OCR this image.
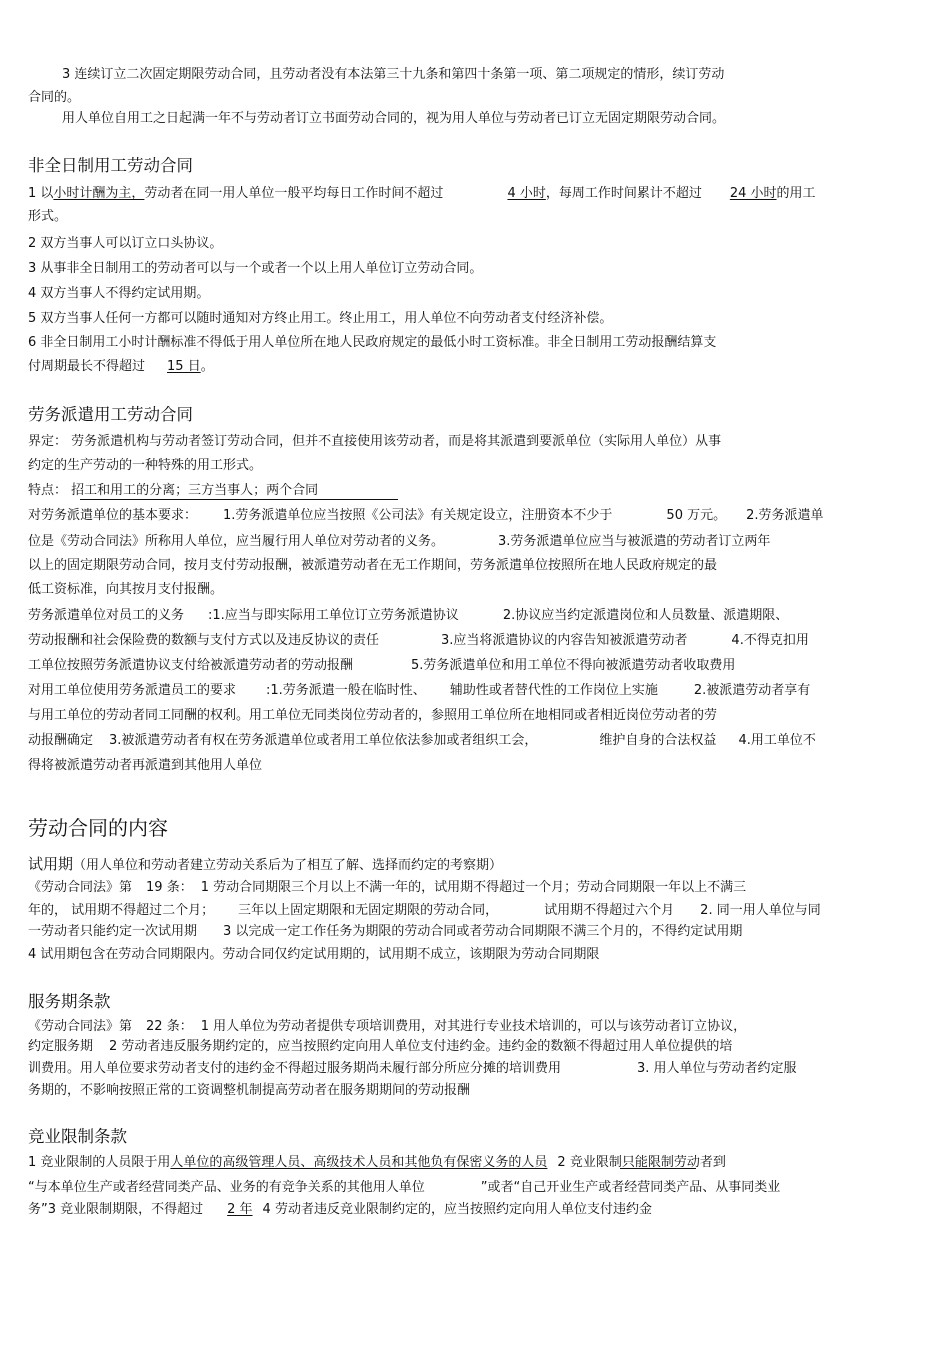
3 连续订立二次固定期限劳动合同，且劳动者没有本法第三十九条和第四十条第一项、第二项规定的情形，续订劳动
合同的。
用人单位自用工之日起满一年不与劳动者订立书面劳动合同的，视为用人单位与劳动者已订立无固定期限劳动合同。
非全日制用工劳动合同
1 以小时计酬为主，劳动者在同一用人单位一般平均每日工作时间不超过	4 小时，每周工作时间累计不超过 24 小时的用工
形式。
2 双方当事人可以订立口头协议。
3 从事非全日制用工的劳动者可以与一个或者一个以上用人单位订立劳动合同。
4 双方当事人不得约定试用期。
5 双方当事人任何一方都可以随时通知对方终止用工。终止用工，用人单位不向劳动者支付经济补偿。
6 非全日制用工小时计酬标准不得低于用人单位所在地人民政府规定的最低小时工资标准。非全日制用工劳动报酬结算支
付周期最长不得超过 15 日。
劳务派遣用工劳动合同
界定： 劳务派遣机构与劳动者签订劳动合同，但并不直接使用该劳动者，而是将其派遣到要派单位（实际用人单位）从事
约定的生产劳动的一种特殊的用工形式。
特点： 招工和用工的分离；三方当事人；两个合同
对劳务派遣单位的基本要求： 1.劳务派遣单位应当按照《公司法》有关规定设立，注册资本不少于	50 万元。 2.劳务派遣单
位是《劳动合同法》所称用人单位，应当履行用人单位对劳动者的义务。	3.劳务派遣单位应当与被派遣的劳动者订立两年
以上的固定期限劳动合同，按月支付劳动报酬，被派遣劳动者在无工作期间，劳务派遣单位按照所在地人民政府规定的最
低工资标准，向其按月支付报酬。
劳务派遣单位对员工的义务 :1.应当与即实际用工单位订立劳务派遣协议	2.协议应当约定派遣岗位和人员数量、派遣期限、
劳动报酬和社会保险费的数额与支付方式以及违反协议的责任	3.应当将派遣协议的内容告知被派遣劳动者	4.不得克扣用
工单位按照劳务派遣协议支付给被派遣劳动者的劳动报酬	5.劳务派遣单位和用工单位不得向被派遣劳动者收取费用
对用工单位使用劳务派遣员工的要求 :1.劳务派遣一般在临时性、 辅助性或者替代性的工作岗位上实施	2.被派遣劳动者享有
与用工单位的劳动者同工同酬的权利。用工单位无同类岗位劳动者的，参照用工单位所在地相同或者相近岗位劳动者的劳
动报酬确定 3.被派遣劳动者有权在劳务派遣单位或者用工单位依法参加或者组织工会，	维护自身的合法权益 4.用工单位不
得将被派遣劳动者再派遣到其他用人单位
劳动合同的内容
试用期（用人单位和劳动者建立劳动关系后为了相互了解、选择而约定的考察期）
《劳动合同法》第 19 条： 1 劳动合同期限三个月以上不满一年的，试用期不得超过一个月；劳动合同期限一年以上不满三
年的， 试用期不得超过二个月； 三年以上固定期限和无固定期限的劳动合同，	试用期不得超过六个月 2. 同一用人单位与同
一劳动者只能约定一次试用期 3 以完成一定工作任务为期限的劳动合同或者劳动合同期限不满三个月的，不得约定试用期
4 试用期包含在劳动合同期限内。劳动合同仅约定试用期的，试用期不成立，该期限为劳动合同期限
服务期条款
《劳动合同法》第 22 条： 1 用人单位为劳动者提供专项培训费用，对其进行专业技术培训的，可以与该劳动者订立协议，
约定服务期 2 劳动者违反服务期约定的，应当按照约定向用人单位支付违约金。违约金的数额不得超过用人单位提供的培
训费用。用人单位要求劳动者支付的违约金不得超过服务期尚未履行部分所应分摊的培训费用	3. 用人单位与劳动者约定服
务期的，不影响按照正常的工资调整机制提高劳动者在服务期期间的劳动报酬
竞业限制条款
1 竞业限制的人员限于用人单位的高级管理人员、高级技术人员和其他负有保密义务的人员 2 竞业限制只能限制劳动者到
“与本单位生产或者经营同类产品、业务的有竞争关系的其他用人单位	”或者“自己开业生产或者经营同类产品、从事同类业
务”3 竞业限制期限，不得超过 2 年 4 劳动者违反竞业限制约定的，应当按照约定向用人单位支付违约金
